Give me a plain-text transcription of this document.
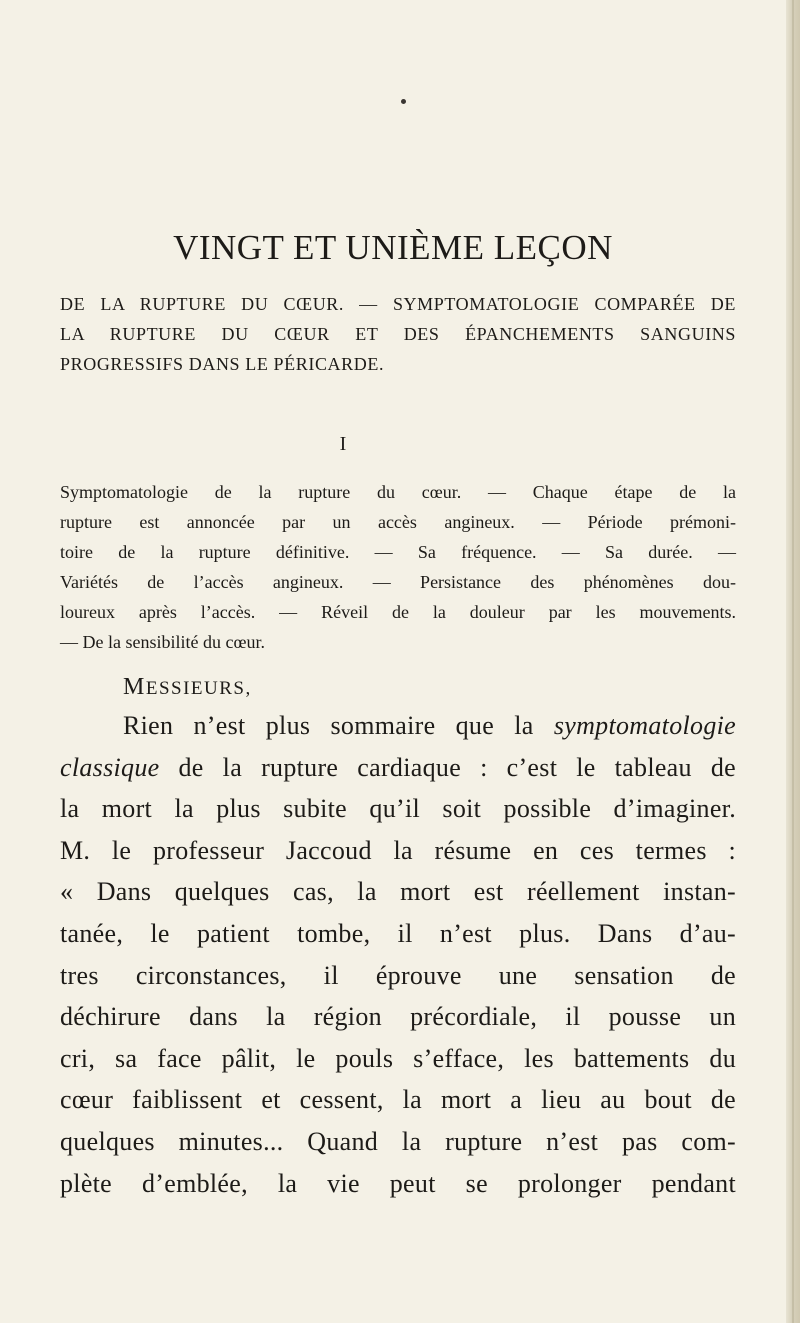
VINGT ET UNIÈME LEÇON

DE LA RUPTURE DU CŒUR. — SYMPTOMATOLOGIE COMPARÉE DE
LA RUPTURE DU CŒUR ET DES ÉPANCHEMENTS SANGUINS
PROGRESSIFS DANS LE PÉRICARDE.

I

Symptomatologie de la rupture du cœur. — Chaque étape de la
rupture est annoncée par un accès angineux. — Période prémoni-
toire de la rupture définitive. — Sa fréquence. — Sa durée. —
Variétés de l’accès angineux. — Persistance des phénomènes dou-
loureux après l’accès. — Réveil de la douleur par les mouvements.
— De la sensibilité du cœur.

MESSIEURS,
Rien n’est plus sommaire que la symptomatologie
classique de la rupture cardiaque : c’est le tableau de
la mort la plus subite qu’il soit possible d’imaginer.
M. le professeur Jaccoud la résume en ces termes :
« Dans quelques cas, la mort est réellement instan-
tanée, le patient tombe, il n’est plus. Dans d’au-
tres circonstances, il éprouve une sensation de
déchirure dans la région précordiale, il pousse un
cri, sa face pâlit, le pouls s’efface, les battements du
cœur faiblissent et cessent, la mort a lieu au bout de
quelques minutes... Quand la rupture n’est pas com-
plète d’emblée, la vie peut se prolonger pendant
